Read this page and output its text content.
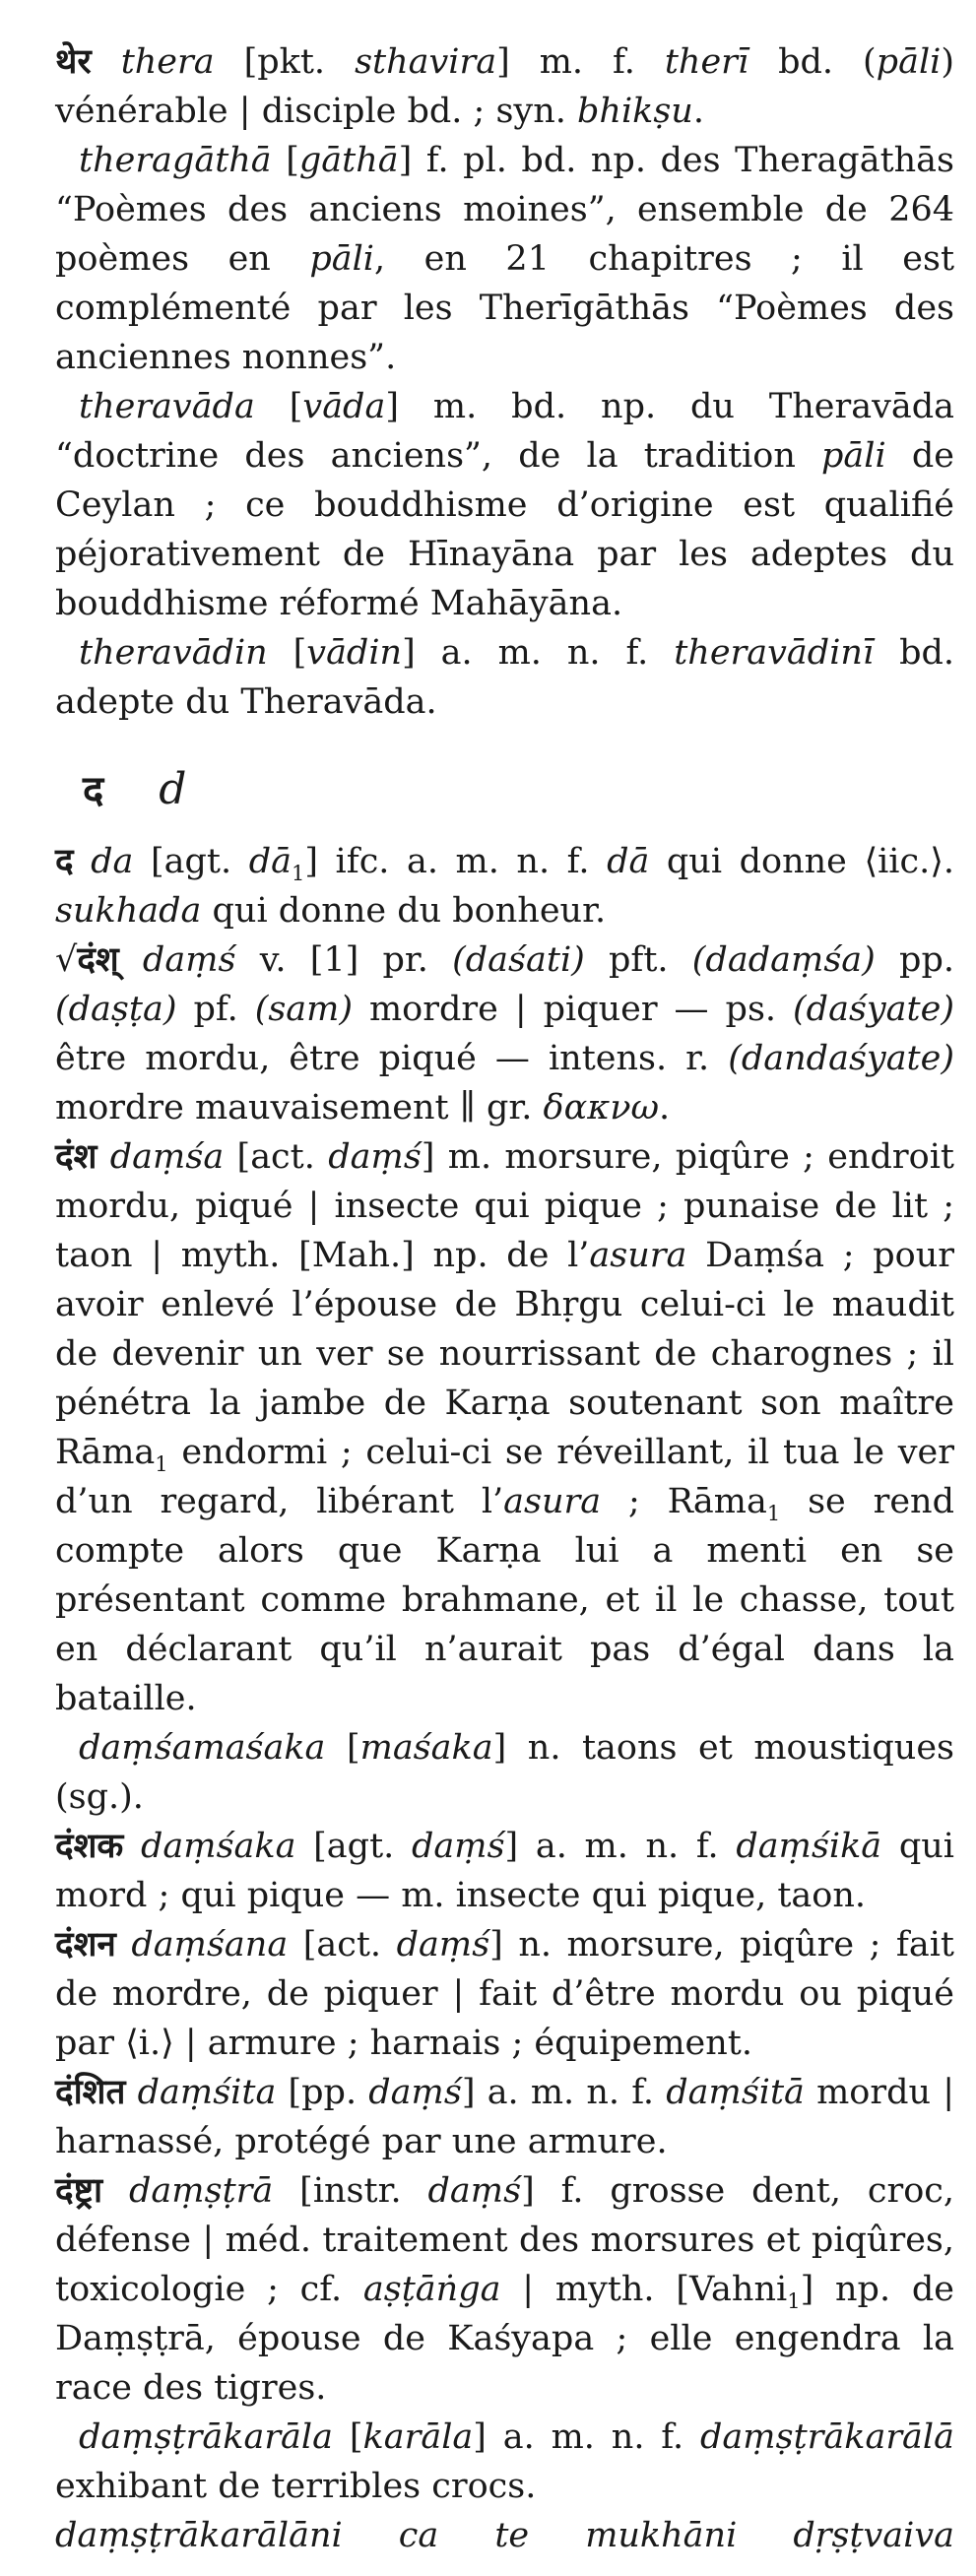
थेर thera [pkt. sthavira] m. f. therī bd. (pāli) vénérable | disciple bd. ; syn. bhikṣu.

theragāthā [gāthā] f. pl. bd. np. des Theragāthās “Poèmes des anciens moines”, ensemble de 264 poèmes en pāli, en 21 chapitres ; il est complémenté par les Therīgāthās “Poèmes des anciennes nonnes”.

theravāda [vāda] m. bd. np. du Theravāda “doctrine des anciens”, de la tradition pāli de Ceylan ; ce bouddhisme d’origine est qualifié péjorativement de Hīnayāna par les adeptes du bouddhisme réformé Mahāyāna.

theravādin [vādin] a. m. n. f. theravādinī bd. adepte du Theravāda.

द d

द da [agt. $dā_1$] ifc. a. m. n. f. dā qui donne ⟨iic.⟩. sukhada qui donne du bonheur.

√दंश् daṃś v. [1] pr. (daśati) pft. (dadaṃśa) pp. (daṣṭa) pf. (sam) mordre | piquer — ps. (daśyate) être mordu, être piqué — intens. r. (dandaśyate) mordre mauvaisement ∥ gr. δακνω.

दंश daṃśa [act. daṃś] m. morsure, piqûre ; endroit mordu, piqué | insecte qui pique ; punaise de lit ; taon | myth. [Mah.] np. de l’asura Daṃśa ; pour avoir enlevé l’épouse de Bhṛgu celui-ci le maudit de devenir un ver se nourrissant de charognes ; il pénétra la jambe de Karṇa soutenant son maître Rāma$_1$ endormi ; celui-ci se réveillant, il tua le ver d’un regard, libérant l’asura ; Rāma$_1$ se rend compte alors que Karṇa lui a menti en se présentant comme brahmane, et il le chasse, tout en déclarant qu’il n’aurait pas d’égal dans la bataille.

daṃśamaśaka [maśaka] n. taons et moustiques (sg.).

दंशक daṃśaka [agt. daṃś] a. m. n. f. daṃśikā qui mord ; qui pique — m. insecte qui pique, taon.

दंशन daṃśana [act. daṃś] n. morsure, piqûre ; fait de mordre, de piquer | fait d’être mordu ou piqué par ⟨i.⟩ | armure ; harnais ; équipement.

दंशित daṃśita [pp. daṃś] a. m. n. f. daṃśitā mordu | harnassé, protégé par une armure.

दंष्ट्रा daṃṣṭrā [instr. daṃś] f. grosse dent, croc, défense | méd. traitement des morsures et piqûres, toxicologie ; cf. aṣṭāṅga | myth. [Vahni$_1$] np. de Daṃṣṭrā, épouse de Kaśyapa ; elle engendra la race des tigres.

daṃṣṭrākarāla [karāla] a. m. n. f. daṃṣṭrākarālā exhibant de terribles crocs.

daṃṣṭrākarālāni ca te mukhāni dṛṣṭvaiva
